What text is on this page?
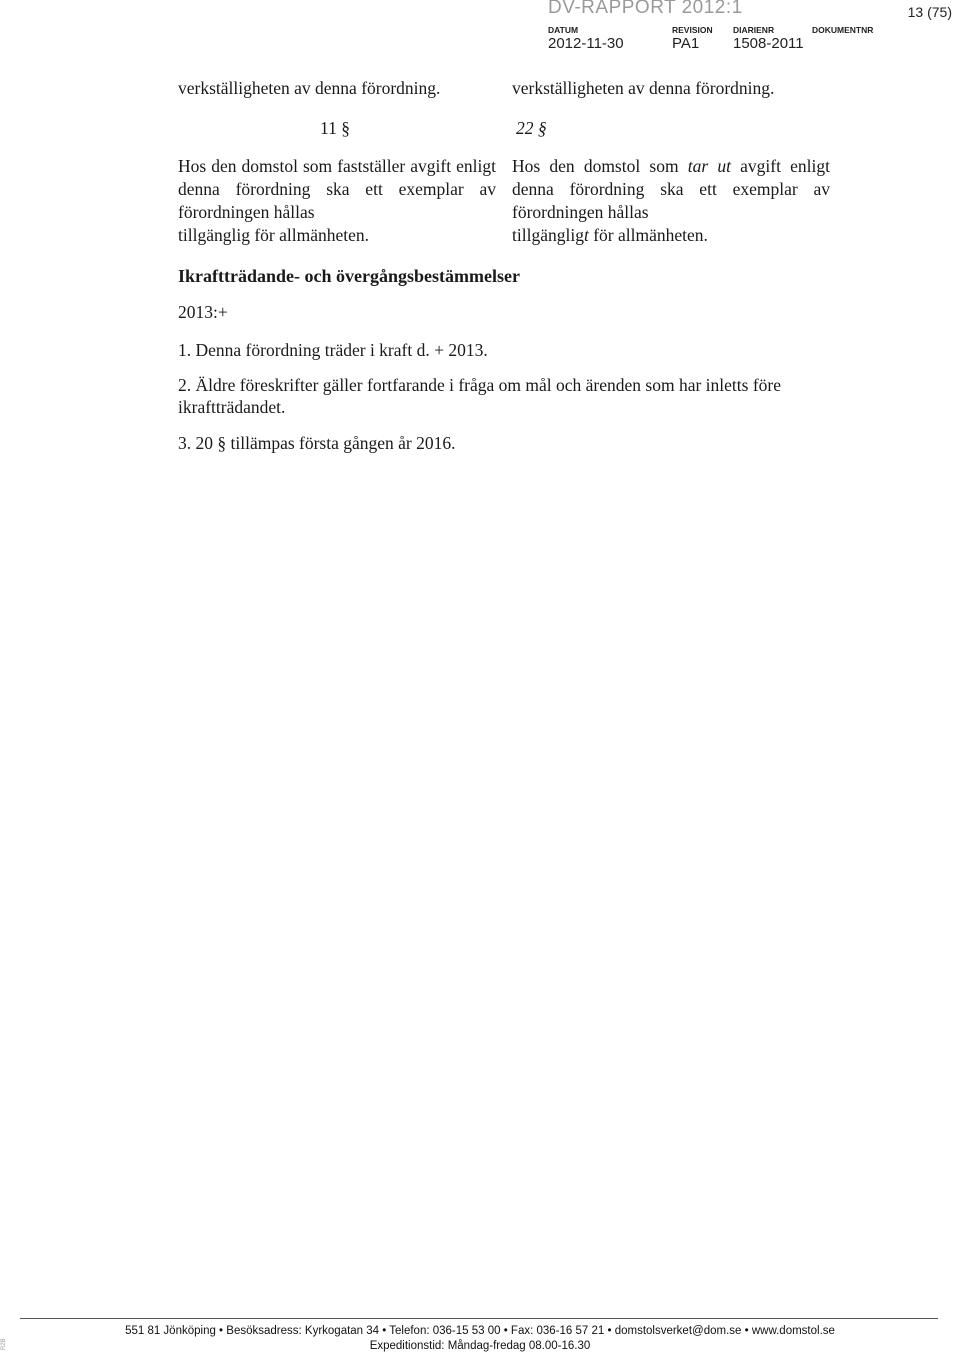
DV-RAPPORT 2012:1	13 (75)
DATUM
2012-11-30
REVISION
PA1
DIARIENR
1508-2011
DOKUMENTNR
verkställigheten av denna förordning.
11 §

Hos den domstol som fastställer avgift enligt denna förordning ska ett exemplar av förordningen hållas

tillgänglig för allmänheten.

verkställigheten av denna förordning.
22 §

Hos den domstol som tar ut avgift enligt denna förordning ska ett exemplar av förordningen hållas

tillgängligt för allmänheten.

Ikraftträdande- och övergångsbestämmelser
2013:+
1. Denna förordning träder i kraft d. + 2013.
2. Äldre föreskrifter gäller fortfarande i fråga om mål och ärenden som har inletts före ikraftträdandet.
3. 20 § tillämpas första gången år 2016.
551 81 Jönköping • Besöksadress: Kyrkogatan 34 • Telefon: 036-15 53 00 • Fax: 036-16 57 21 • domstolsverket@dom.se • www.domstol.se
Expeditionstid: Måndag-fredag 08.00-16.30
R2B
